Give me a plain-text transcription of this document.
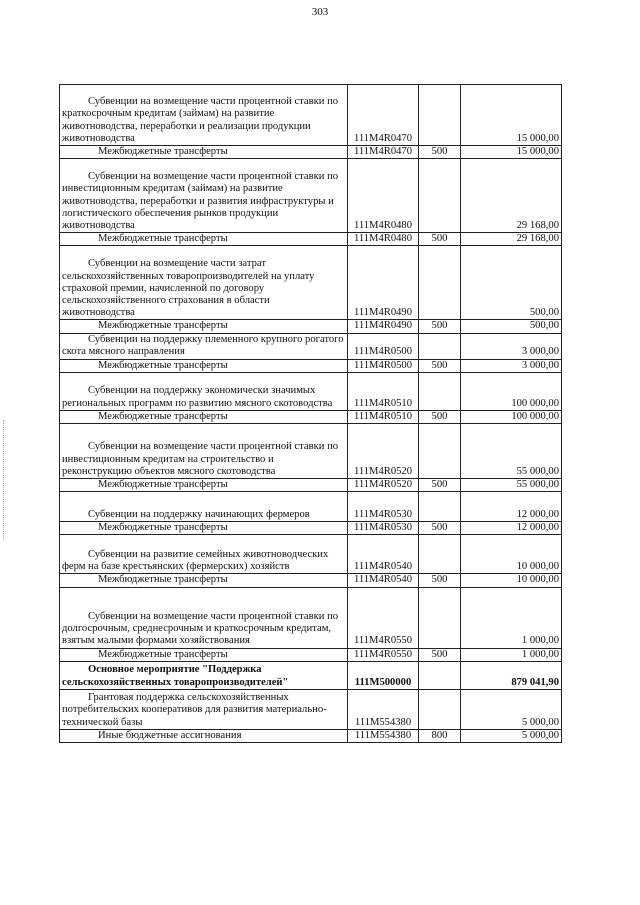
303
Субвенции на возмещение части процентной ставки по краткосрочным кредитам (займам) на развитие животноводства, переработки и реализации продукции животноводства	111M4R0470		15 000,00
Межбюджетные трансферты	111M4R0470	500	15 000,00
Субвенции на возмещение части процентной ставки по инвестиционным кредитам (займам) на развитие животноводства, переработки и развития инфраструктуры и логистического обеспечения рынков продукции животноводства	111M4R0480		29 168,00
Межбюджетные трансферты	111M4R0480	500	29 168,00
Субвенции на возмещение части затрат сельскохозяйственных товаропроизводителей на уплату страховой премии, начисленной по договору сельскохозяйственного страхования в области животноводства	111M4R0490		500,00
Межбюджетные трансферты	111M4R0490	500	500,00
Субвенции на поддержку племенного крупного рогатого скота мясного направления	111M4R0500		3 000,00
Межбюджетные трансферты	111M4R0500	500	3 000,00
Субвенции на поддержку экономически значимых региональных программ по развитию мясного скотоводства	111M4R0510		100 000,00
Межбюджетные трансферты	111M4R0510	500	100 000,00
Субвенции на возмещение части процентной ставки по инвестиционным кредитам на строительство и реконструкцию объектов мясного скотоводства	111M4R0520		55 000,00
Межбюджетные трансферты	111M4R0520	500	55 000,00
Субвенции на поддержку начинающих фермеров	111M4R0530		12 000,00
Межбюджетные трансферты	111M4R0530	500	12 000,00
Субвенции на развитие семейных животноводческих ферм на базе крестьянских (фермерских) хозяйств	111M4R0540		10 000,00
Межбюджетные трансферты	111M4R0540	500	10 000,00
Субвенции на возмещение части процентной ставки по долгосрочным, среднесрочным и краткосрочным кредитам, взятым малыми формами хозяйствования	111M4R0550		1 000,00
Межбюджетные трансферты	111M4R0550	500	1 000,00
Основное мероприятие "Поддержка сельскохозяйственных товаропроизводителей"	111M500000		879 041,90
Грантовая поддержка сельскохозяйственных потребительских кооперативов для развития материально-технической базы	111M554380		5 000,00
Иные бюджетные ассигнования	111M554380	800	5 000,00
